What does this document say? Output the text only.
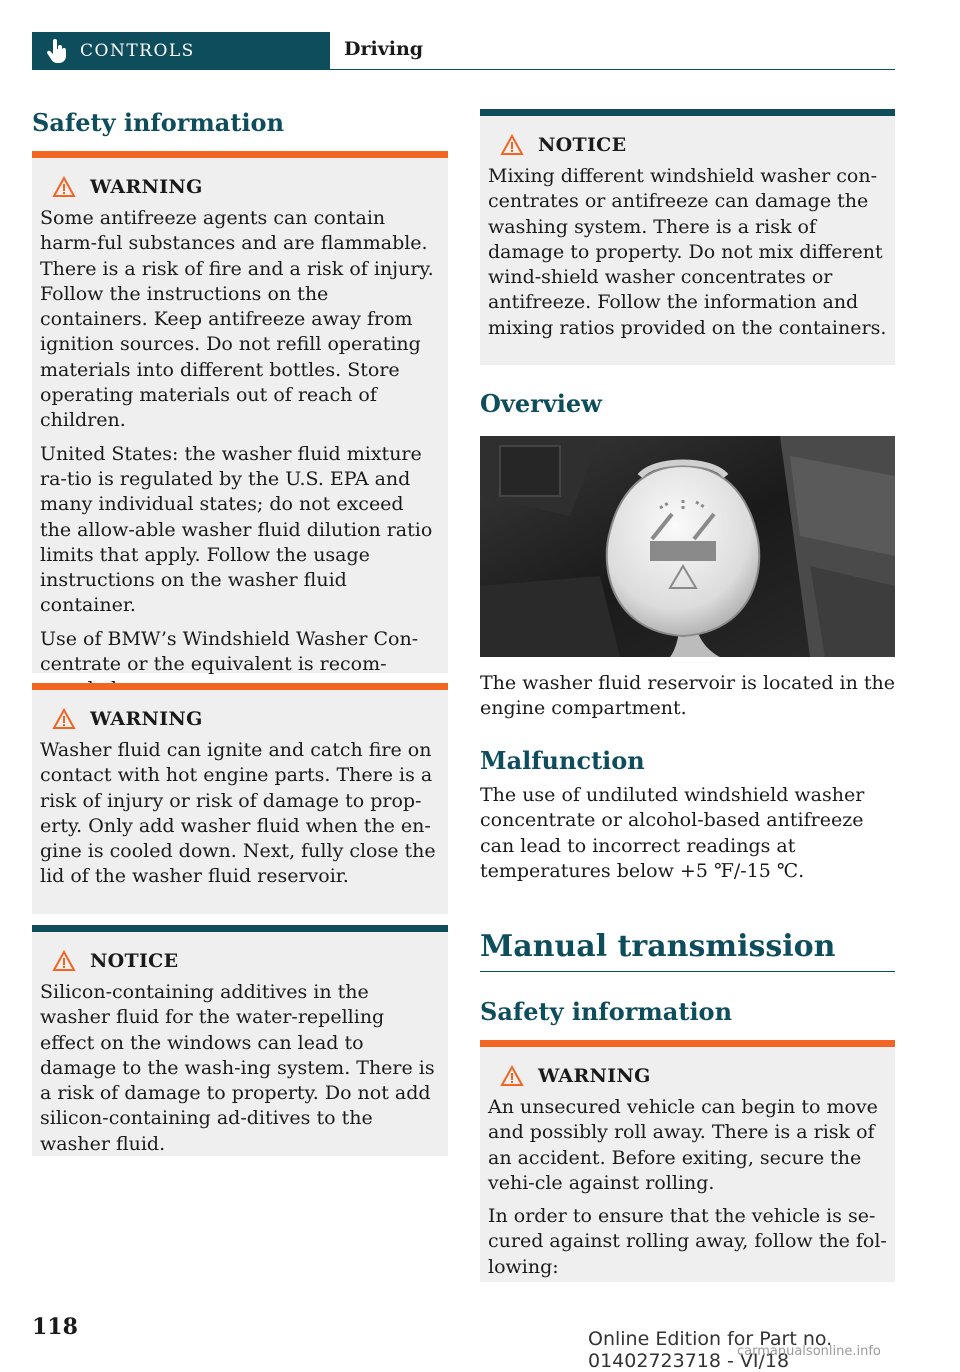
CONTROLS	Driving
Safety information
WARNING

Some antifreeze agents can contain harm‐ful substances and are flammable. There is a risk of fire and a risk of injury. Follow the instructions on the containers. Keep antifreeze away from ignition sources. Do not refill operating materials into different bottles. Store operating materials out of reach of children.

United States: the washer fluid mixture ra‐tio is regulated by the U.S. EPA and many individual states; do not exceed the allow‐able washer fluid dilution ratio limits that apply. Follow the usage instructions on the washer fluid container.

Use of BMW’s Windshield Washer Con‐centrate or the equivalent is recom‐

WARNING

Washer fluid can ignite and catch fire on contact with hot engine parts. There is a risk of injury or risk of damage to prop‐erty. Only add washer fluid when the en‐gine is cooled down. Next, fully close the lid of the washer fluid reservoir.

NOTICE

Silicon-containing additives in the washer fluid for the water-repelling effect on the windows can lead to damage to the wash‐ing system. There is a risk of damage to property. Do not add silicon-containing ad‐ditives to the washer fluid.

NOTICE

Mixing different windshield washer con‐centrates or antifreeze can damage the washing system. There is a risk of damage to property. Do not mix different wind‐shield washer concentrates or antifreeze. Follow the information and mixing ratios provided on the containers.

Overview

The washer fluid reservoir is located in the engine compartment.

Malfunction

The use of undiluted windshield washer concentrate or alcohol-based antifreeze can lead to incorrect readings at temperatures below +5 ℉/-15 ℃.

Manual transmission
Safety information
WARNING

An unsecured vehicle can begin to move and possibly roll away. There is a risk of an accident. Before exiting, secure the vehi‐cle against rolling.

In order to ensure that the vehicle is se‐cured against rolling away, follow the fol‐lowing:

118	Online Edition for Part no. 01402723718 - VI/18
carmanualsonline.info
